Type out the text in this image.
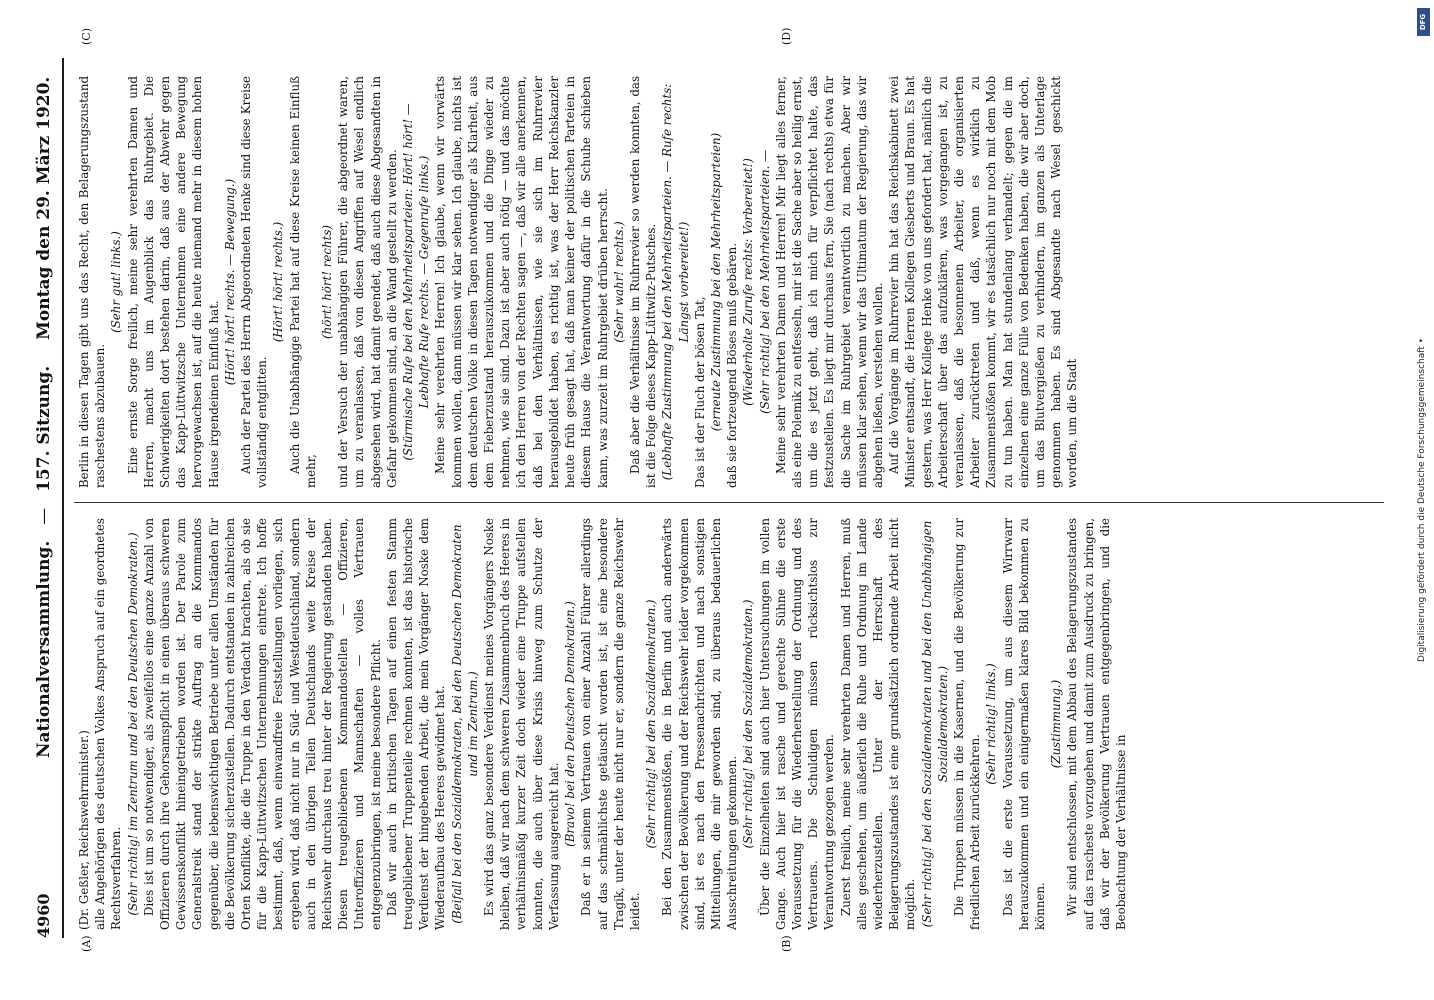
4960
Nationalversammlung. — 157. Sitzung. Montag den 29. März 1920.
(A)	(B)
(C)	(D)

(Dr. Geßler, Reichswehrminister.) alle Angehörigen des deutschen Volkes Anspruch auf ein geordnetes Rechtsverfahren. (Sehr richtig! im Zentrum und bei den Deutschen Demokraten.) Dies ist um so notwendiger, als zweifellos eine ganze Anzahl von Offizieren durch ihre Gehorsamspflicht in einen überaus schweren Gewissenskonflikt hineingetrieben worden ist. Der Parole zum Generalstreik stand der strikte Auftrag an die Kommandos gegenüber, die lebenswichtigen Betriebe unter allen Umständen für die Bevölkerung sicherzustellen. Dadurch entstanden in zahlreichen Orten Konflikte, die die Truppe in den Verdacht brachten, als ob sie für die Kapp-Lüttwitzschen Unternehmungen eintrete. Ich hoffe bestimmt, daß, wenn einwandfreie Feststellungen vorliegen, sich ergeben wird, daß nicht nur in Süd- und Westdeutschland, sondern auch in den übrigen Teilen Deutschlands weite Kreise der Reichswehr durchaus treu hinter der Regierung gestanden haben. Diesen treugebliebenen Kommandostellen — Offizieren, Unteroffizieren und Mannschaften — volles Vertrauen entgegenzubringen, ist meine besondere Pflicht. Daß wir auch in kritischen Tagen auf einen festen Stamm treugebliebener Truppenteile rechnen konnten, ist das historische Verdienst der hingebenden Arbeit, die mein Vorgänger Noske dem Wiederaufbau des Heeres gewidmet hat. (Beifall bei den Sozialdemokraten, bei den Deutschen Demokraten und im Zentrum.) Es wird das ganz besondere Verdienst meines Vorgängers Noske bleiben, daß wir nach dem schweren Zusammenbruch des Heeres in verhältnismäßig kurzer Zeit doch wieder eine Truppe aufstellen konnten, die auch über diese Krisis hinweg zum Schutze der Verfassung ausgereicht hat. (Bravo! bei den Deutschen Demokraten.) Daß er in seinem Vertrauen von einer Anzahl Führer allerdings auf das schmählichste getäuscht worden ist, ist eine besondere Tragik, unter der heute nicht nur er, sondern die ganze Reichswehr leidet.

(Sehr richtig! bei den Sozialdemokraten.) Bei den Zusammenstößen, die in Berlin und auch anderwärts zwischen der Bevölkerung und der Reichswehr leider vorgekommen sind, ist es nach den Pressenachrichten und nach sonstigen Mitteilungen, die mir geworden sind, zu überaus bedauerlichen Ausschreitungen gekommen. (Sehr richtig! bei den Sozialdemokraten.) Über die Einzelheiten sind auch hier Untersuchungen im vollen Gange. Auch hier ist rasche und gerechte Sühne die erste Voraussetzung für die Wiederherstellung der Ordnung und des Vertrauens. Die Schuldigen müssen rücksichtslos zur Verantwortung gezogen werden. Zuerst freilich, meine sehr verehrten Damen und Herren, muß alles geschehen, um äußerlich die Ruhe und Ordnung im Lande wiederherzustellen. Unter der Herrschaft des Belagerungszustandes ist eine grundsätzlich ordnende Arbeit nicht möglich. (Sehr richtig! bei den Sozialdemokraten und bei den Unabhängigen Sozialdemokraten.) Die Truppen müssen in die Kasernen, und die Bevölkerung zur friedlichen Arbeit zurückkehren.

(Sehr richtig! links.) Das ist die erste Voraussetzung, um aus diesem Wirrwarr herauszukommen und ein einigermaßen klares Bild bekommen zu können.

(Zustimmung.) Wir sind entschlossen, mit dem Abbau des Belagerungszustandes auf das rascheste vorzugehen und damit zum Ausdruck zu bringen, daß wir der Bevölkerung Vertrauen entgegenbringen, und die Beobachtung der Verhältnisse in

Berlin in diesen Tagen gibt uns das Recht, den Belagerungszustand raschestens abzubauen.

(Sehr gut! links.) Eine ernste Sorge freilich, meine sehr verehrten Damen und Herren, macht uns im Augenblick das Ruhrgebiet. Die Schwierigkeiten dort bestehen darin, daß aus der Abwehr gegen das Kapp-Lüttwitzsche Unternehmen eine andere Bewegung hervorgewachsen ist, auf die heute niemand mehr in diesem hohen Hause irgendeinen Einfluß hat.

(Hört! hört! rechts. — Bewegung.) Auch der Partei des Herrn Abgeordneten Henke sind diese Kreise vollständig entglitten.

(Hört! hört! rechts.) Auch die Unabhängige Partei hat auf diese Kreise keinen Einfluß mehr,

(hört! hört! rechts) und der Versuch der unabhängigen Führer, die abgeordnet waren, um zu veranlassen, daß von diesen Angriffen auf Wesel endlich abgesehen wird, hat damit geendet, daß auch diese Abgesandten in Gefahr gekommen sind, an die Wand gestellt zu werden. (Stürmische Rufe bei den Mehrheitsparteien: Hört! hört! — Lebhafte Rufe rechts. — Gegenrufe links.) Meine sehr verehrten Herren! Ich glaube, wenn wir vorwärts kommen wollen, dann müssen wir klar sehen. Ich glaube, nichts ist dem deutschen Volke in diesen Tagen notwendiger als Klarheit, aus dem Fieberzustand herauszukommen und die Dinge wieder zu nehmen, wie sie sind. Dazu ist aber auch nötig — und das möchte ich den Herren von der Rechten sagen —, daß wir alle anerkennen, daß bei den Verhältnissen, wie sie sich im Ruhrrevier herausgebildet haben, es richtig ist, was der Herr Reichskanzler heute früh gesagt hat, daß man keiner der politischen Parteien in diesem Hause die Verantwortung dafür in die Schuhe schieben kann, was zurzeit im Ruhrgebiet drüben herrscht. (Sehr wahr! rechts.) Daß aber die Verhältnisse im Ruhrrevier so werden konnten, das ist die Folge dieses Kapp-Lüttwitz-Putsches. (Lebhafte Zustimmung bei den Mehrheitsparteien. — Rufe rechts: Längst vorbereitet!)

Das ist der Fluch der bösen Tat, (erneute Zustimmung bei den Mehrheitsparteien) daß sie fortzeugend Böses muß gebären. (Wiederholte Zurufe rechts: Vorbereitet!) (Sehr richtig! bei den Mehrheitsparteien. — Meine sehr verehrten Damen und Herren! Mir liegt alles ferner, als eine Polemik zu entfesseln, mir ist die Sache aber so heilig ernst, um die es jetzt geht, daß ich mich für verpflichtet halte, das festzustellen. Es liegt mir durchaus fern, Sie (nach rechts) etwa für die Sache im Ruhrgebiet verantwortlich zu machen. Aber wir müssen klar sehen, wenn wir das Ultimatum der Regierung, das wir abgehen ließen, verstehen wollen. Auf die Vorgänge im Ruhrrevier hin hat das Reichskabinett zwei Minister entsandt, die Herren Kollegen Giesberts und Braun. Es hat gestern, was Herr Kollege Henke von uns gefordert hat, nämlich die Arbeiterschaft über das aufzuklären, was vorgegangen ist, zu veranlassen, daß die besonnenen Arbeiter, die organisierten Arbeiter zurücktreten und daß, wenn es wirklich zu Zusammenstößen kommt, wir es tatsächlich nur noch mit dem Mob zu tun haben. Man hat stundenlang verhandelt; gegen die im einzelnen eine ganze Fülle von Bedenken haben, die wir aber doch, um das Blutvergießen zu verhindern, im ganzen als Unterlage genommen haben. Es sind Abgesandte nach Wesel geschickt worden, um die Stadt

DFG
Digitalisierung gefördert durch die Deutsche Forschungsgemeinschaft •
